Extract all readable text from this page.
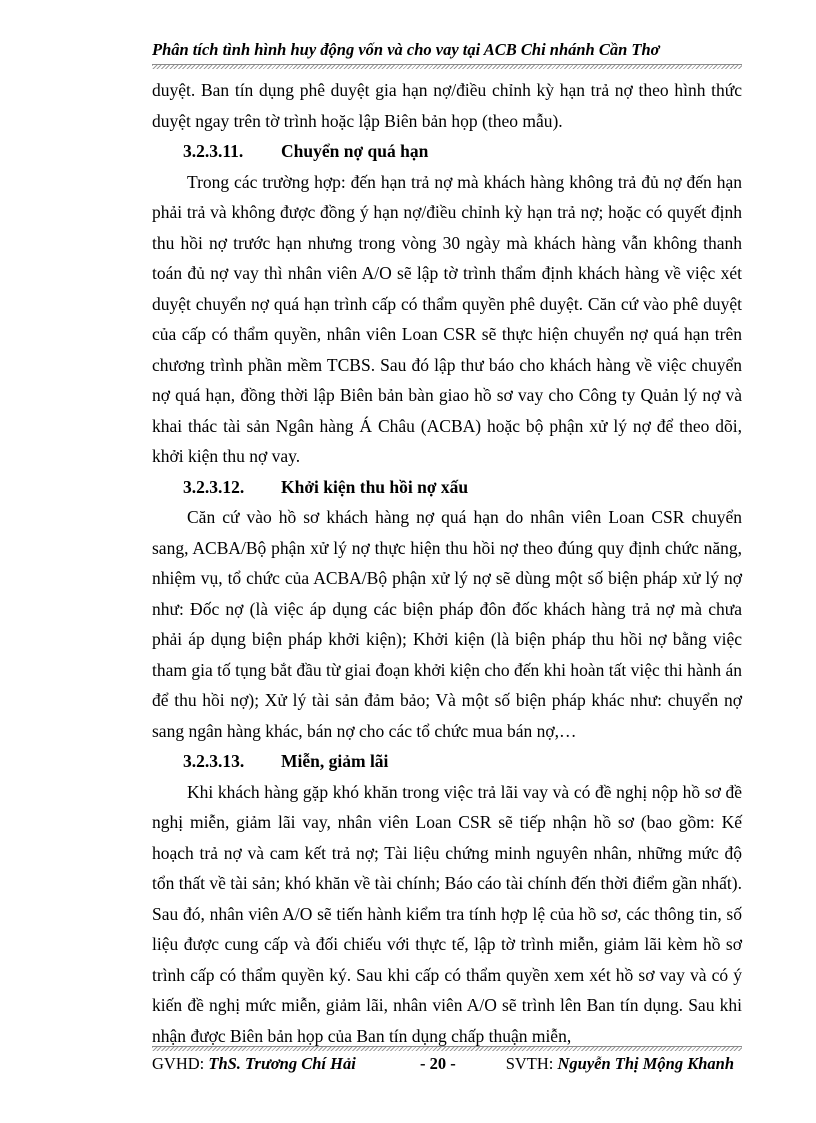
Phân tích tình hình huy động vốn và cho vay tại ACB Chi nhánh Cần Thơ

duyệt. Ban tín dụng phê duyệt gia hạn nợ/điều chỉnh kỳ hạn trả nợ theo hình thức duyệt ngay trên tờ trình hoặc lập Biên bản họp (theo mẫu).

3.2.3.11. Chuyển nợ quá hạn

Trong các trường hợp: đến hạn trả nợ mà khách hàng không trả đủ nợ đến hạn phải trả và không được đồng ý hạn nợ/điều chỉnh kỳ hạn trả nợ; hoặc có quyết định thu hồi nợ trước hạn nhưng trong vòng 30 ngày mà khách hàng vẫn không thanh toán đủ nợ vay thì nhân viên A/O sẽ lập tờ trình thẩm định khách hàng về việc xét duyệt chuyển nợ quá hạn trình cấp có thẩm quyền phê duyệt. Căn cứ vào phê duyệt của cấp có thẩm quyền, nhân viên Loan CSR sẽ thực hiện chuyển nợ quá hạn trên chương trình phần mềm TCBS. Sau đó lập thư báo cho khách hàng về việc chuyển nợ quá hạn, đồng thời lập Biên bản bàn giao hồ sơ vay cho Công ty Quản lý nợ và khai thác tài sản Ngân hàng Á Châu (ACBA) hoặc bộ phận xử lý nợ để theo dõi, khởi kiện thu nợ vay.

3.2.3.12. Khởi kiện thu hồi nợ xấu

Căn cứ vào hồ sơ khách hàng nợ quá hạn do nhân viên Loan CSR chuyển sang, ACBA/Bộ phận xử lý nợ thực hiện thu hồi nợ theo đúng quy định chức năng, nhiệm vụ, tổ chức của ACBA/Bộ phận xử lý nợ sẽ dùng một số biện pháp xử lý nợ như: Đốc nợ (là việc áp dụng các biện pháp đôn đốc khách hàng trả nợ mà chưa phải áp dụng biện pháp khởi kiện); Khởi kiện (là biện pháp thu hồi nợ bằng việc tham gia tố tụng bắt đầu từ giai đoạn khởi kiện cho đến khi hoàn tất việc thi hành án để thu hồi nợ); Xử lý tài sản đảm bảo; Và một số biện pháp khác như: chuyển nợ sang ngân hàng khác, bán nợ cho các tổ chức mua bán nợ,…

3.2.3.13. Miễn, giảm lãi

Khi khách hàng gặp khó khăn trong việc trả lãi vay và có đề nghị nộp hồ sơ đề nghị miễn, giảm lãi vay, nhân viên Loan CSR sẽ tiếp nhận hồ sơ (bao gồm: Kế hoạch trả nợ và cam kết trả nợ; Tài liệu chứng minh nguyên nhân, những mức độ tổn thất về tài sản; khó khăn về tài chính; Báo cáo tài chính đến thời điểm gần nhất). Sau đó, nhân viên A/O sẽ tiến hành kiểm tra tính hợp lệ của hồ sơ, các thông tin, số liệu được cung cấp và đối chiếu với thực tế, lập tờ trình miễn, giảm lãi kèm hồ sơ trình cấp có thẩm quyền ký. Sau khi cấp có thẩm quyền xem xét hồ sơ vay và có ý kiến đề nghị mức miễn, giảm lãi, nhân viên A/O sẽ trình lên Ban tín dụng. Sau khi nhận được Biên bản họp của Ban tín dụng chấp thuận miễn,

GVHD: ThS. Trương Chí Hải	- 20 -	SVTH: Nguyễn Thị Mộng Khanh
